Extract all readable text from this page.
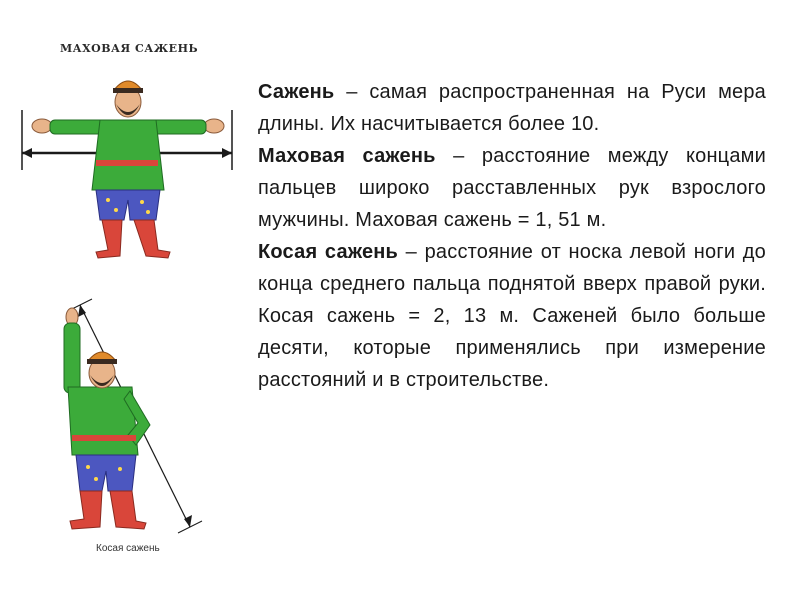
МАХОВАЯ САЖЕНЬ
Косая сажень

Сажень – самая распространенная на Руси мера длины. Их насчитывается более 10.

Маховая сажень – расстояние между концами пальцев широко расставленных рук взрослого мужчины. Маховая сажень = 1, 51 м.

Косая сажень – расстояние от носка левой ноги до конца среднего пальца поднятой вверх правой руки. Косая сажень = 2, 13 м. Саженей было больше десяти, которые применялись при измерение расстояний и в строительстве.
